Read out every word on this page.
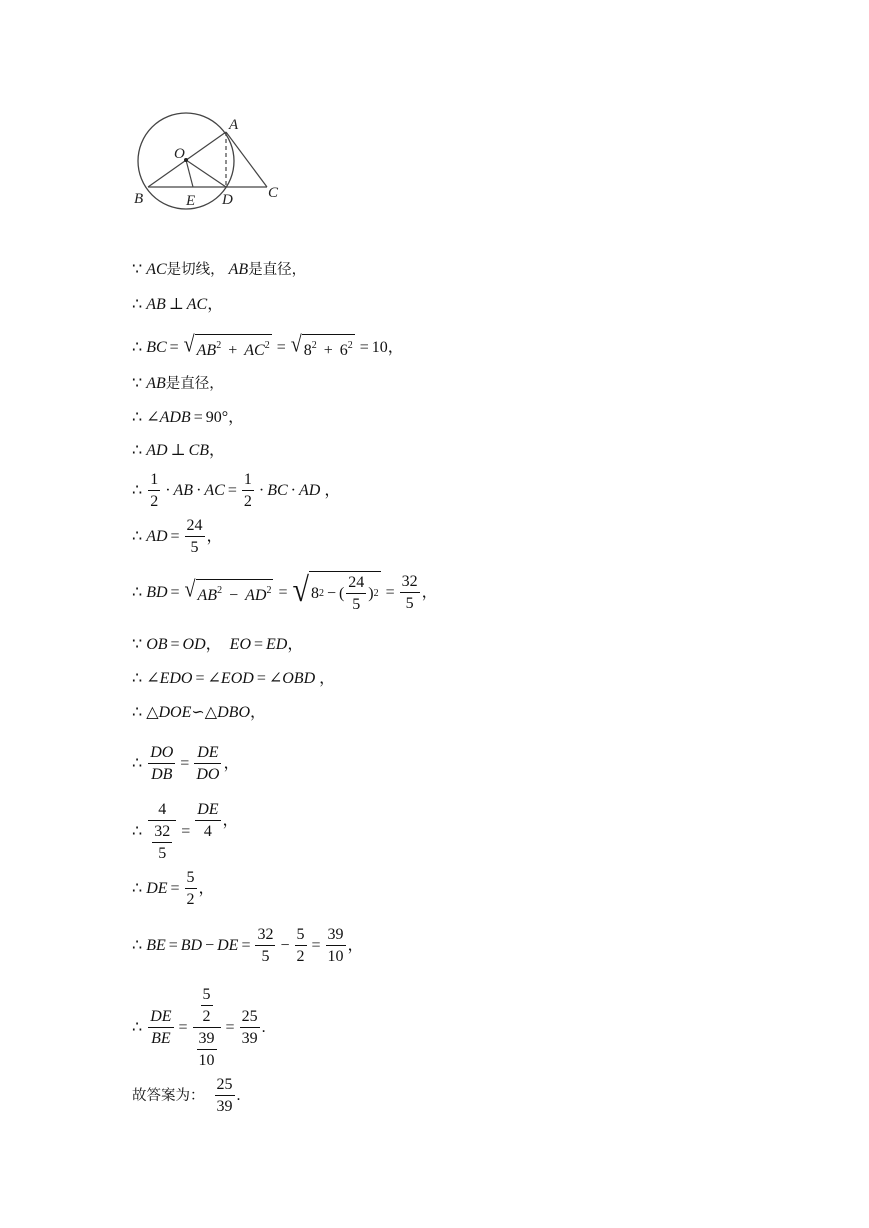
A
O
B	E D C
∵
AC 是切线，
AB 是直径，
∴
AB ⊥ AC ，
∴
BC = √ $AB^2 + AC^2$ = √ $8^2 + 6^2 = 10$ ，
∵
AB 是直径，
∴
∠ADB = 90° ，
∴
AD ⊥ CB ，
∴
$\frac{1}{2}$ · AB · AC = $\frac{1}{2}$ · BC · AD
，
∴
AD = $\frac{24}{5}$ ，
∴
BD = √ $AB^2 - AD^2$ = √ 8 2 − ( $\frac{24}{5}$ ) $2 = \frac{32}{5}$ ，
∵
OB = OD ，
EO = ED ，
∴
∠EDO = ∠EOD = ∠OBD
，
∴
△ DOE ∽ △ DBO ，
∴
$\frac{DO}{DB} = \frac{DE}{DO}$ ，
∴
$\frac{4}{\frac{32}{5}} = \frac{DE}{4}$ ，
∴
DE = $\frac{5}{2}$ ，
∴
BE = BD − DE = $\frac{32}{5} - \frac{5}{2} = \frac{39}{10}$ ，
∴
$\frac{DE}{BE} = \frac{\frac{5}{2}}{\frac{39}{10}} = \frac{25}{39}$ .
故答案为：
$\frac{25}{39}$ .
